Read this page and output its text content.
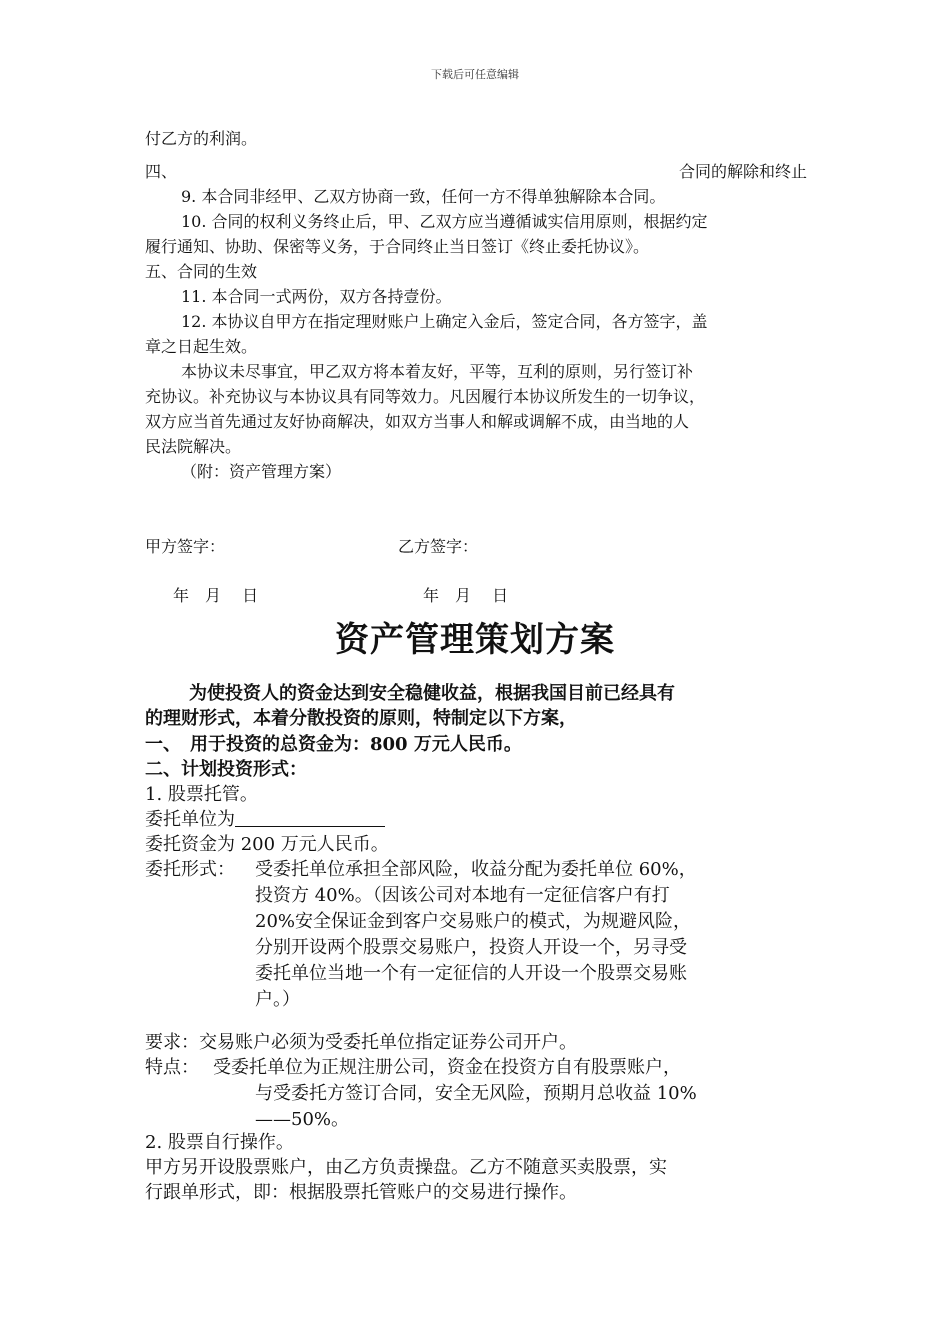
下载后可任意编辑

付乙方的利润。

四、	合同的解除和终止

9. 本合同非经甲、乙双方协商一致，任何一方不得单独解除本合同。

10. 合同的权利义务终止后，甲、乙双方应当遵循诚实信用原则，根据约定

履行通知、协助、保密等义务，于合同终止当日签订《终止委托协议》。

五、合同的生效

11. 本合同一式两份，双方各持壹份。

12. 本协议自甲方在指定理财账户上确定入金后，签定合同，各方签字，盖

章之日起生效。

本协议未尽事宜，甲乙双方将本着友好，平等，互利的原则，另行签订补

充协议。补充协议与本协议具有同等效力。凡因履行本协议所发生的一切争议，

双方应当首先通过友好协商解决，如双方当事人和解或调解不成，由当地的人

民法院解决。

（附：资产管理方案）

甲方签字：	乙方签字：

年　月　 日	年　月　 日

资产管理策划方案

为使投资人的资金达到安全稳健收益，根据我国目前已经具有

的理财形式，本着分散投资的原则，特制定以下方案，

一、　用于投资的总资金为：800 万元人民币。

二、计划投资形式：

1. 股票托管。

委托单位为

委托资金为 200 万元人民币。

委托形式：	受委托单位承担全部风险，收益分配为委托单位 60%，
投资方 40%。（因该公司对本地有一定征信客户有打
20%安全保证金到客户交易账户的模式，为规避风险，
分别开设两个股票交易账户，投资人开设一个，另寻受
委托单位当地一个有一定征信的人开设一个股票交易账
户。）

要求：交易账户必须为受委托单位指定证券公司开户。

特点： 受委托单位为正规注册公司，资金在投资方自有股票账户，
与受委托方签订合同，安全无风险，预期月总收益 10%
——50%。

2. 股票自行操作。

甲方另开设股票账户，由乙方负责操盘。乙方不随意买卖股票，实

行跟单形式，即：根据股票托管账户的交易进行操作。
